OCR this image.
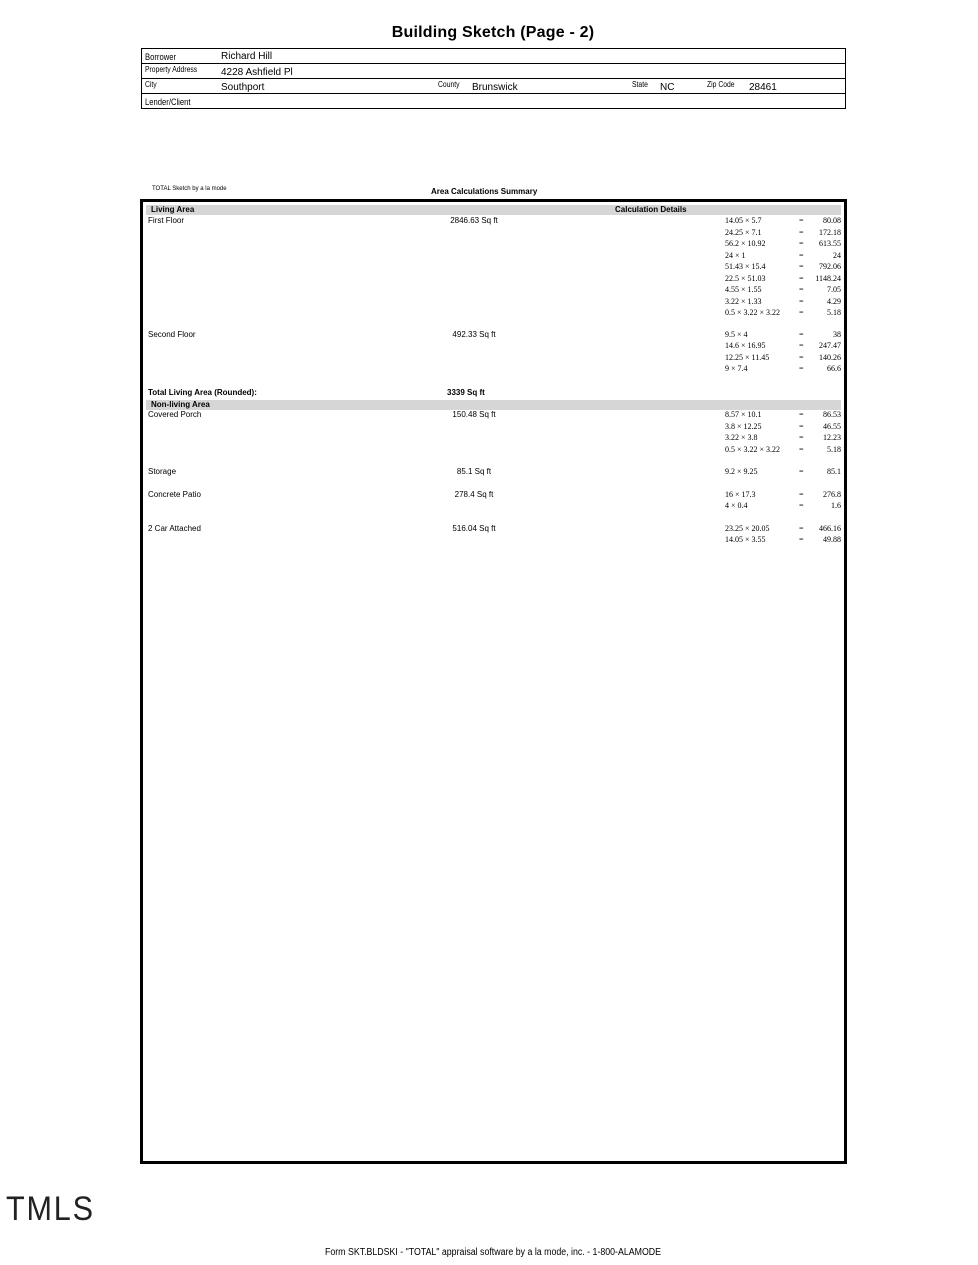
Building Sketch (Page - 2)
Borrower	Richard Hill
Property Address 4228 Ashfield Pl
City	Southport	County Brunswick	State NC	Zip Code 28461
Lender/Client
TOTAL Sketch by a la mode	Area Calculations Summary
Living Area	Calculation Details
First Floor	2846.63 Sq ft	14.05 × 5.7	=	80.08
24.25 × 7.1	=	172.18
56.2 × 10.92	=	613.55
24 × 1	=	24
51.43 × 15.4	=	792.06
22.5 × 51.03	=	1148.24
4.55 × 1.55	=	7.05
3.22 × 1.33	=	4.29
0.5 × 3.22 × 3.22 =	5.18
Second Floor	492.33 Sq ft	9.5 × 4	=	38
14.6 × 16.95	=	247.47
12.25 × 11.45	=	140.26
9 × 7.4	=	66.6
Total Living Area (Rounded):	3339 Sq ft
Non-living Area
Covered Porch	150.48 Sq ft	8.57 × 10.1	=	86.53
3.8 × 12.25	=	46.55
3.22 × 3.8	=	12.23
0.5 × 3.22 × 3.22 =	5.18
Storage	85.1 Sq ft	9.2 × 9.25	=	85.1
Concrete Patio	278.4 Sq ft	16 × 17.3	=	276.8
4 × 0.4	=	1.6
2 Car Attached	516.04 Sq ft	23.25 × 20.05	=	466.16
14.05 × 3.55	=	49.88
TMLS
Form SKT.BLDSKI - "TOTAL" appraisal software by a la mode, inc. - 1-800-ALAMODE
